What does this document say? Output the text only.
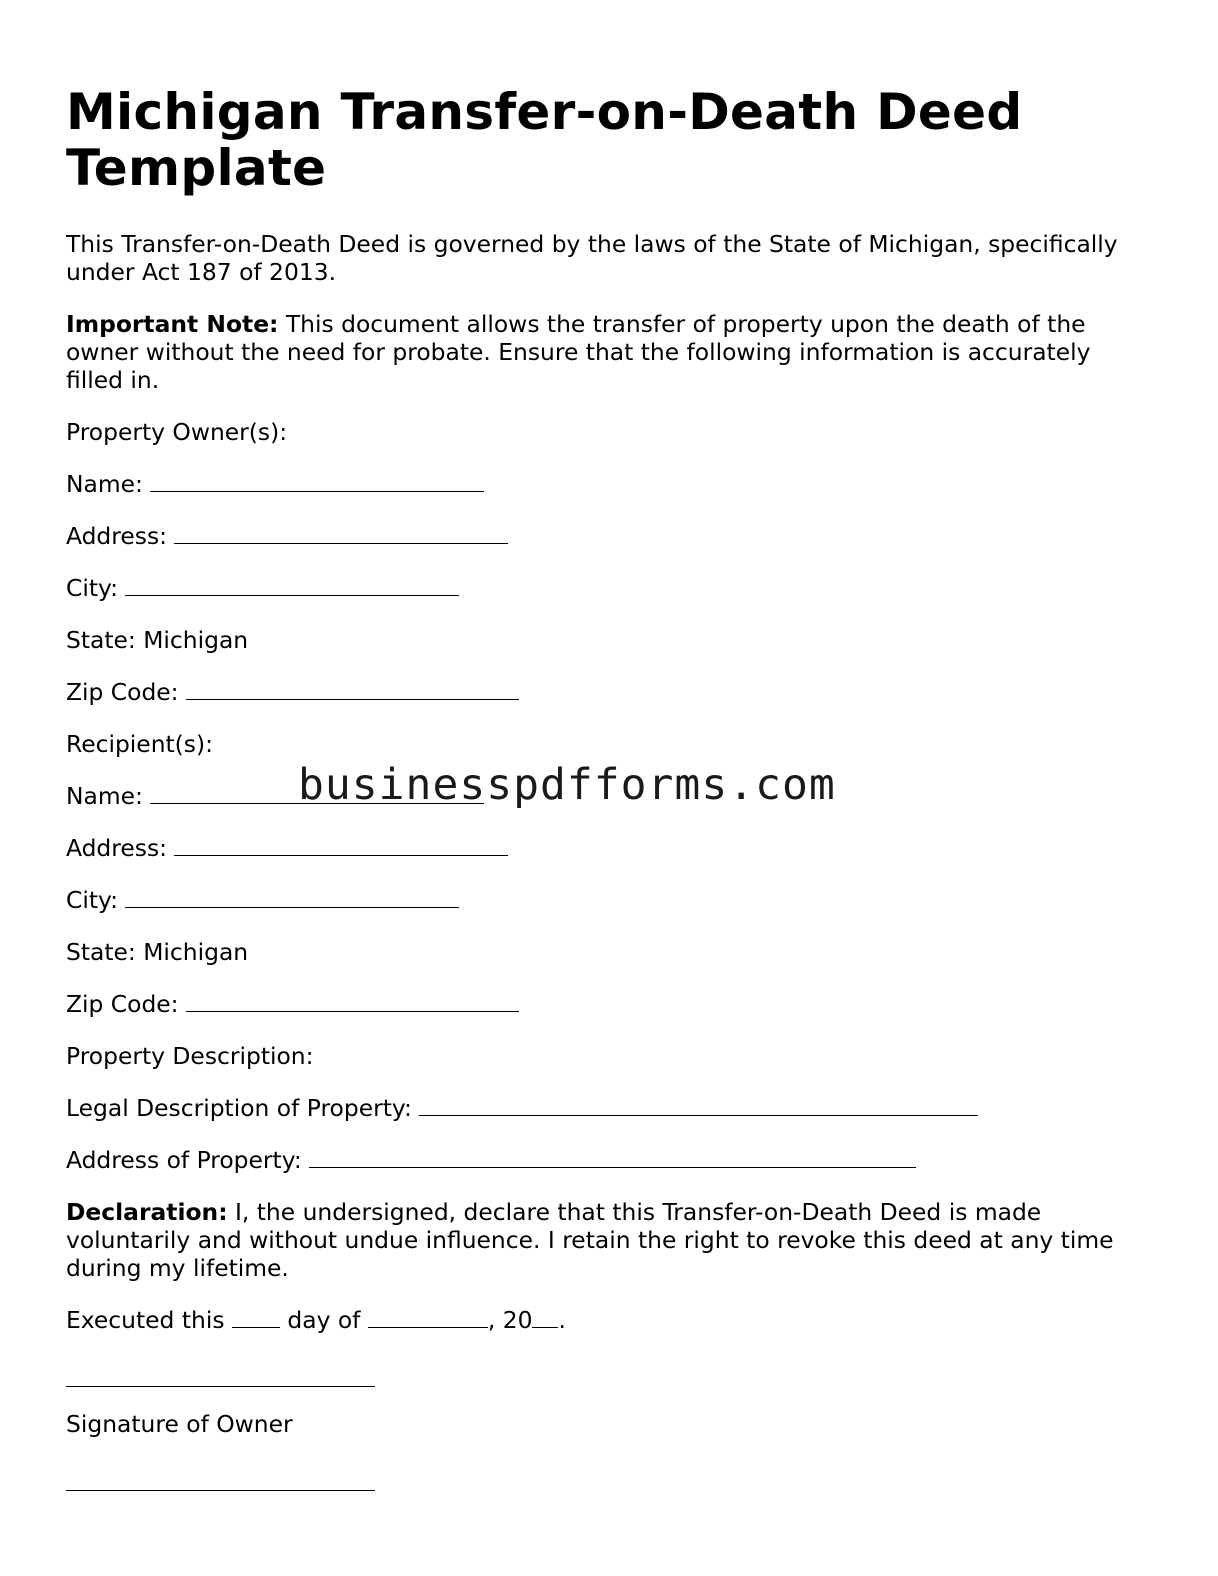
Michigan Transfer-on-Death Deed Template

This Transfer-on-Death Deed is governed by the laws of the State of Michigan, specifically under Act 187 of 2013.

Important Note: This document allows the transfer of property upon the death of the owner without the need for probate. Ensure that the following information is accurately filled in.

Property Owner(s):

Name:

Address:

City:

State: Michigan

Zip Code:

Recipient(s):

Name:

Address:

City:

State: Michigan

Zip Code:

Property Description:

Legal Description of Property:

Address of Property:

Declaration: I, the undersigned, declare that this Transfer-on-Death Deed is made voluntarily and without undue influence. I retain the right to revoke this deed at any time during my lifetime.

Executed this	day of	, 20 .

Signature of Owner

businesspdfforms.com
